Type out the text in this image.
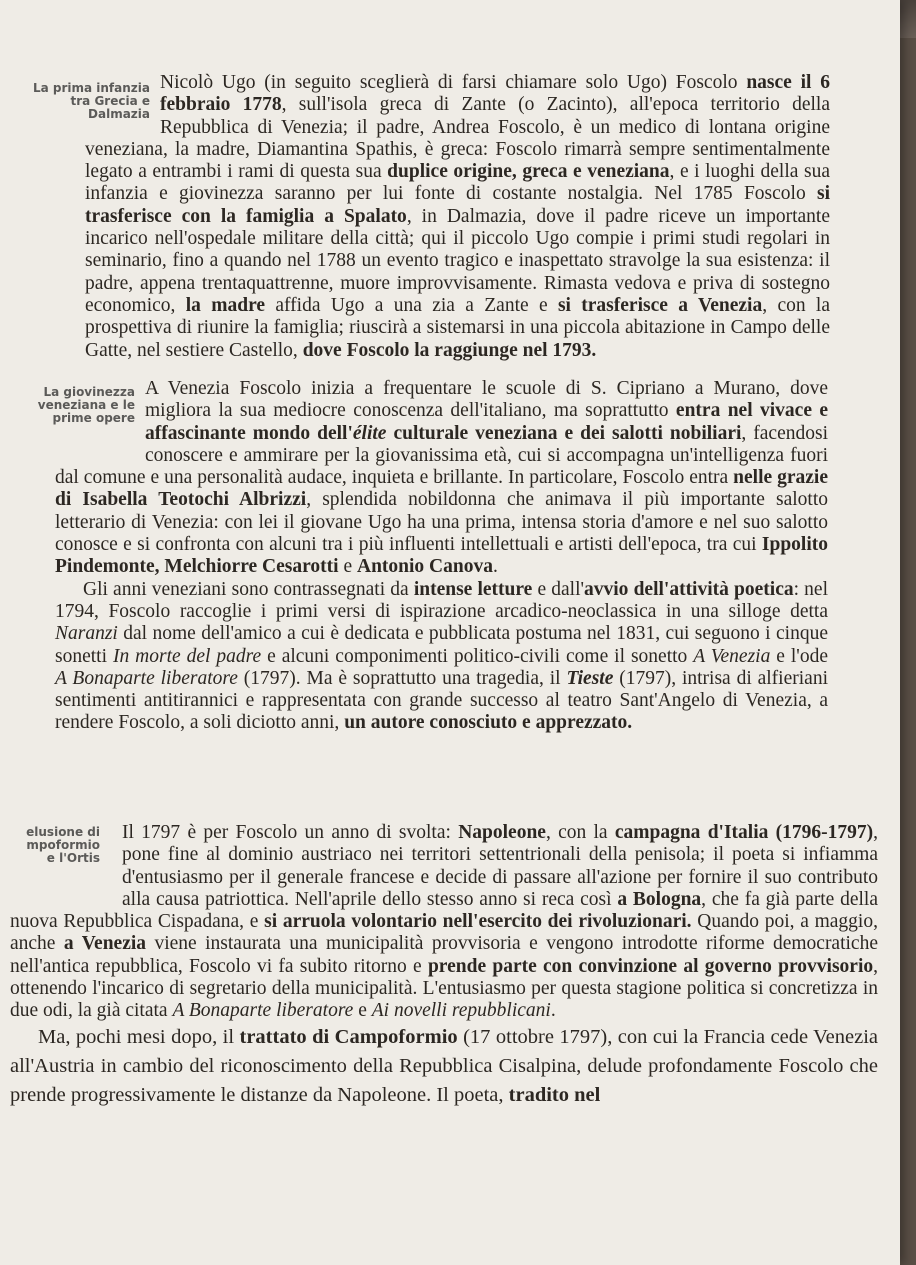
La prima infanzia
tra Grecia e
Dalmazia

Nicolò Ugo (in seguito sceglierà di farsi chiamare solo Ugo) Foscolo nasce il 6 febbraio 1778, sull'isola greca di Zante (o Zacinto), all'epoca territorio della Repubblica di Venezia; il padre, Andrea Foscolo, è un medico di lontana origine veneziana, la madre, Diamantina Spathis, è greca: Foscolo rimarrà sempre sentimentalmente legato a entrambi i rami di questa sua duplice origine, greca e veneziana, e i luoghi della sua infanzia e giovinezza saranno per lui fonte di costante nostalgia. Nel 1785 Foscolo si trasferisce con la famiglia a Spalato, in Dalmazia, dove il padre riceve un importante incarico nell'ospedale militare della città; qui il piccolo Ugo compie i primi studi regolari in seminario, fino a quando nel 1788 un evento tragico e inaspettato stravolge la sua esistenza: il padre, appena trentaquattrenne, muore improvvisamente. Rimasta vedova e priva di sostegno economico, la madre affida Ugo a una zia a Zante e si trasferisce a Venezia, con la prospettiva di riunire la famiglia; riuscirà a sistemarsi in una piccola abitazione in Campo delle Gatte, nel sestiere Castello, dove Foscolo la raggiunge nel 1793.

La giovinezza
veneziana e le
prime opere

A Venezia Foscolo inizia a frequentare le scuole di S. Cipriano a Murano, dove migliora la sua mediocre conoscenza dell'italiano, ma soprattutto entra nel vivace e affascinante mondo dell'élite culturale veneziana e dei salotti nobiliari, facendosi conoscere e ammirare per la giovanissima età, cui si accompagna un'intelligenza fuori dal comune e una personalità audace, inquieta e brillante. In particolare, Foscolo entra nelle grazie di Isabella Teotochi Albrizzi, splendida nobildonna che animava il più importante salotto letterario di Venezia: con lei il giovane Ugo ha una prima, intensa storia d'amore e nel suo salotto conosce e si confronta con alcuni tra i più influenti intellettuali e artisti dell'epoca, tra cui Ippolito Pindemonte, Melchiorre Cesarotti e Antonio Canova.

Gli anni veneziani sono contrassegnati da intense letture e dall'avvio dell'attività poetica: nel 1794, Foscolo raccoglie i primi versi di ispirazione arcadico-neoclassica in una silloge detta Naranzi dal nome dell'amico a cui è dedicata e pubblicata postuma nel 1831, cui seguono i cinque sonetti In morte del padre e alcuni componimenti politico-civili come il sonetto A Venezia e l'ode A Bonaparte liberatore (1797). Ma è soprattutto una tragedia, il Tieste (1797), intrisa di alfieriani sentimenti antitirannici e rappresentata con grande successo al teatro Sant'Angelo di Venezia, a rendere Foscolo, a soli diciotto anni, un autore conosciuto e apprezzato.

elusione di
mpoformio
e l'Ortis

Il 1797 è per Foscolo un anno di svolta: Napoleone, con la campagna d'Italia (1796-1797), pone fine al dominio austriaco nei territori settentrionali della penisola; il poeta si infiamma d'entusiasmo per il generale francese e decide di passare all'azione per fornire il suo contributo alla causa patriottica. Nell'aprile dello stesso anno si reca così a Bologna, che fa già parte della nuova Repubblica Cispadana, e si arruola volontario nell'esercito dei rivoluzionari. Quando poi, a maggio, anche a Venezia viene instaurata una municipalità provvisoria e vengono introdotte riforme democratiche nell'antica repubblica, Foscolo vi fa subito ritorno e prende parte con convinzione al governo provvisorio, ottenendo l'incarico di segretario della municipalità. L'entusiasmo per questa stagione politica si concretizza in due odi, la già citata A Bonaparte liberatore e Ai novelli repubblicani.

Ma, pochi mesi dopo, il trattato di Campoformio (17 ottobre 1797), con cui la Francia cede Venezia all'Austria in cambio del riconoscimento della Repubblica Cisalpina, delude profondamente Foscolo che prende progressivamente le distanze da Napoleone. Il poeta, tradito nel
